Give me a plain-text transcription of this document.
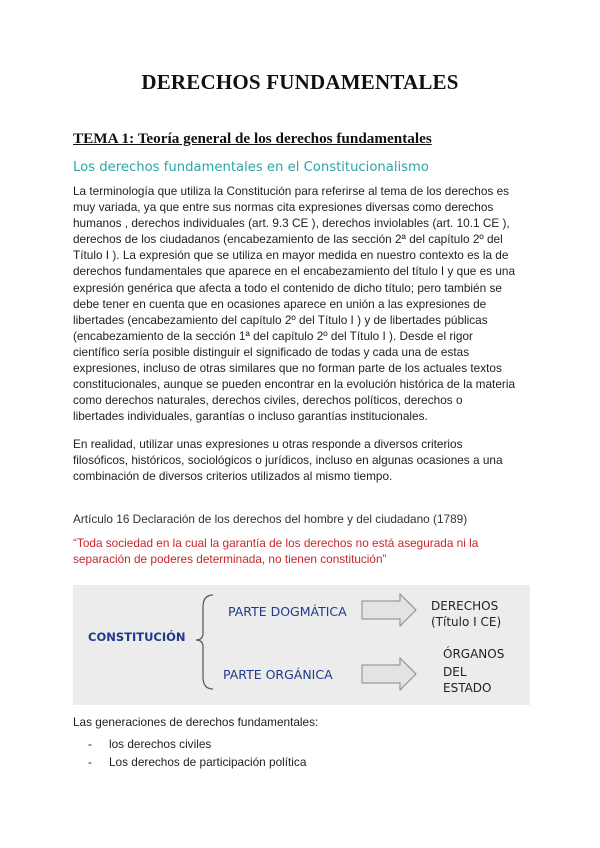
DERECHOS FUNDAMENTALES
TEMA 1: Teoría general de los derechos fundamentales
Los derechos fundamentales en el Constitucionalismo

La terminología que utiliza la Constitución para referirse al tema de los derechos es
muy variada, ya que entre sus normas cita expresiones diversas como derechos
humanos , derechos individuales (art. 9.3 CE ), derechos inviolables (art. 10.1 CE ),
derechos de los ciudadanos (encabezamiento de las sección 2ª del capítulo 2º del
Título I ). La expresión que se utiliza en mayor medida en nuestro contexto es la de
derechos fundamentales que aparece en el encabezamiento del título I y que es una
expresión genérica que afecta a todo el contenido de dicho título; pero también se
debe tener en cuenta que en ocasiones aparece en unión a las expresiones de
libertades (encabezamiento del capítulo 2º del Título I ) y de libertades públicas
(encabezamiento de la sección 1ª del capítulo 2º del Título I ). Desde el rigor
científico sería posible distinguir el significado de todas y cada una de estas
expresiones, incluso de otras similares que no forman parte de los actuales textos
constitucionales, aunque se pueden encontrar en la evolución histórica de la materia
como derechos naturales, derechos civiles, derechos políticos, derechos o
libertades individuales, garantías o incluso garantías institucionales.

En realidad, utilizar unas expresiones u otras responde a diversos criterios
filosóficos, históricos, sociológicos o jurídicos, incluso en algunas ocasiones a una
combinación de diversos criterios utilizados al mismo tiempo.

Artículo 16 Declaración de los derechos del hombre y del ciudadano (1789)
“Toda sociedad en la cual la garantía de los derechos no está asegurada ni la
separación de poderes determinada, no tienen constitución”
CONSTITUCIÓN
PARTE DOGMÁTICA
PARTE ORGÁNICA
DERECHOS
(Título I CE)
ÓRGANOS
DEL
ESTADO
Las generaciones de derechos fundamentales:
- los derechos civiles
- Los derechos de participación política
